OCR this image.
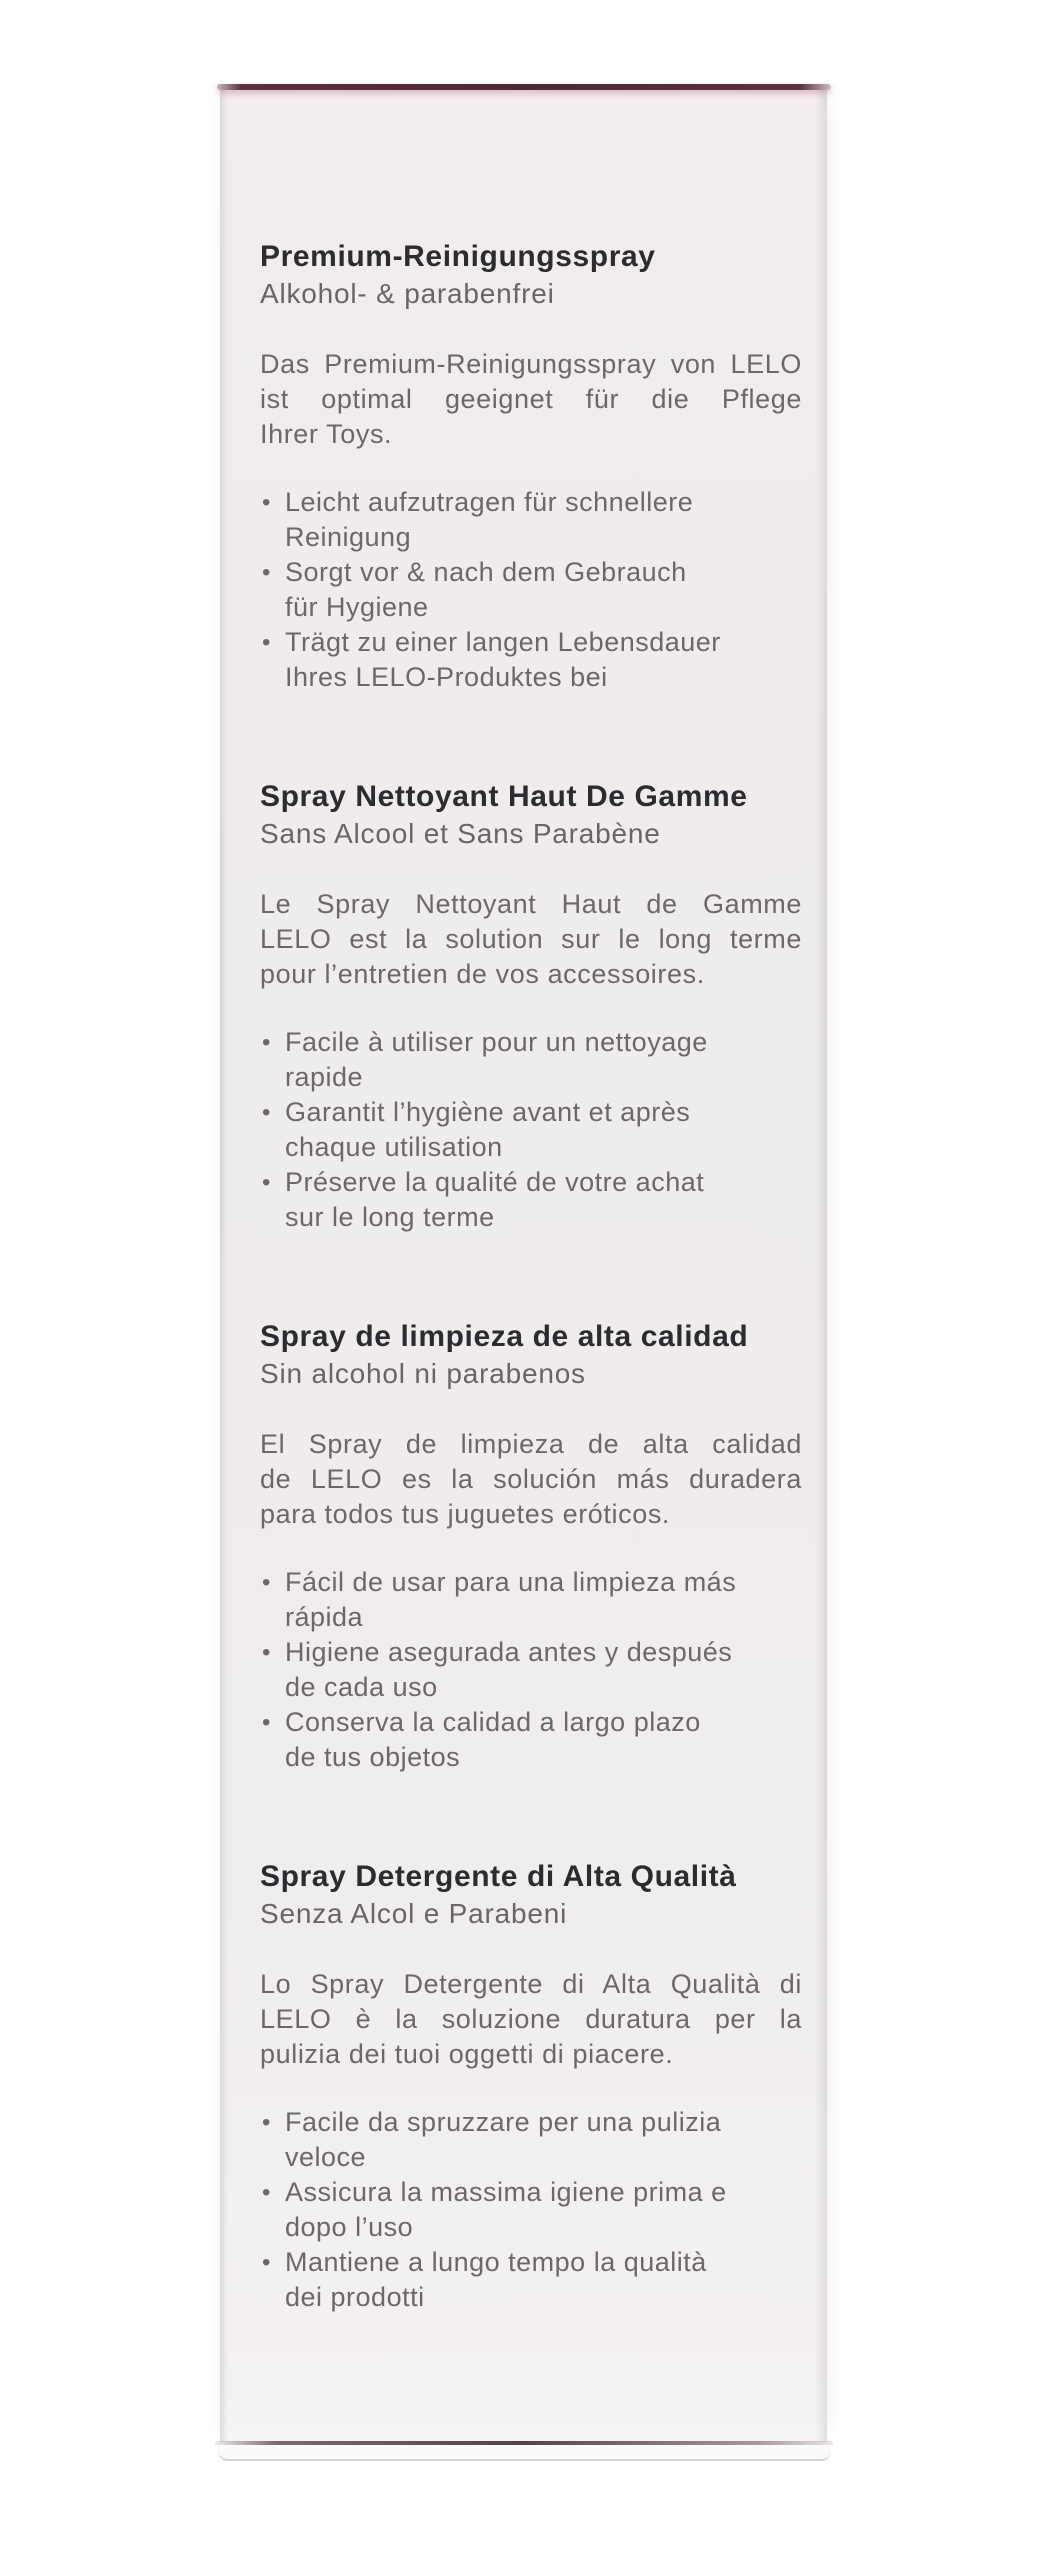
Premium-Reinigungsspray
Alkohol- & parabenfrei
Das Premium-Reinigungsspray von LELO
ist optimal geeignet für die Pflege
Ihrer Toys.
• Leicht aufzutragen für schnellere
Reinigung
• Sorgt vor & nach dem Gebrauch
für Hygiene
• Trägt zu einer langen Lebensdauer
Ihres LELO-Produktes bei
Spray Nettoyant Haut De Gamme
Sans Alcool et Sans Parabène
Le Spray Nettoyant Haut de Gamme
LELO est la solution sur le long terme
pour l’entretien de vos accessoires.
• Facile à utiliser pour un nettoyage
rapide
• Garantit l’hygiène avant et après
chaque utilisation
• Préserve la qualité de votre achat
sur le long terme
Spray de limpieza de alta calidad
Sin alcohol ni parabenos
El Spray de limpieza de alta calidad
de LELO es la solución más duradera
para todos tus juguetes eróticos.
• Fácil de usar para una limpieza más
rápida
• Higiene asegurada antes y después
de cada uso
• Conserva la calidad a largo plazo
de tus objetos
Spray Detergente di Alta Qualità
Senza Alcol e Parabeni
Lo Spray Detergente di Alta Qualità di
LELO è la soluzione duratura per la
pulizia dei tuoi oggetti di piacere.
• Facile da spruzzare per una pulizia
veloce
• Assicura la massima igiene prima e
dopo l’uso
• Mantiene a lungo tempo la qualità
dei prodotti
